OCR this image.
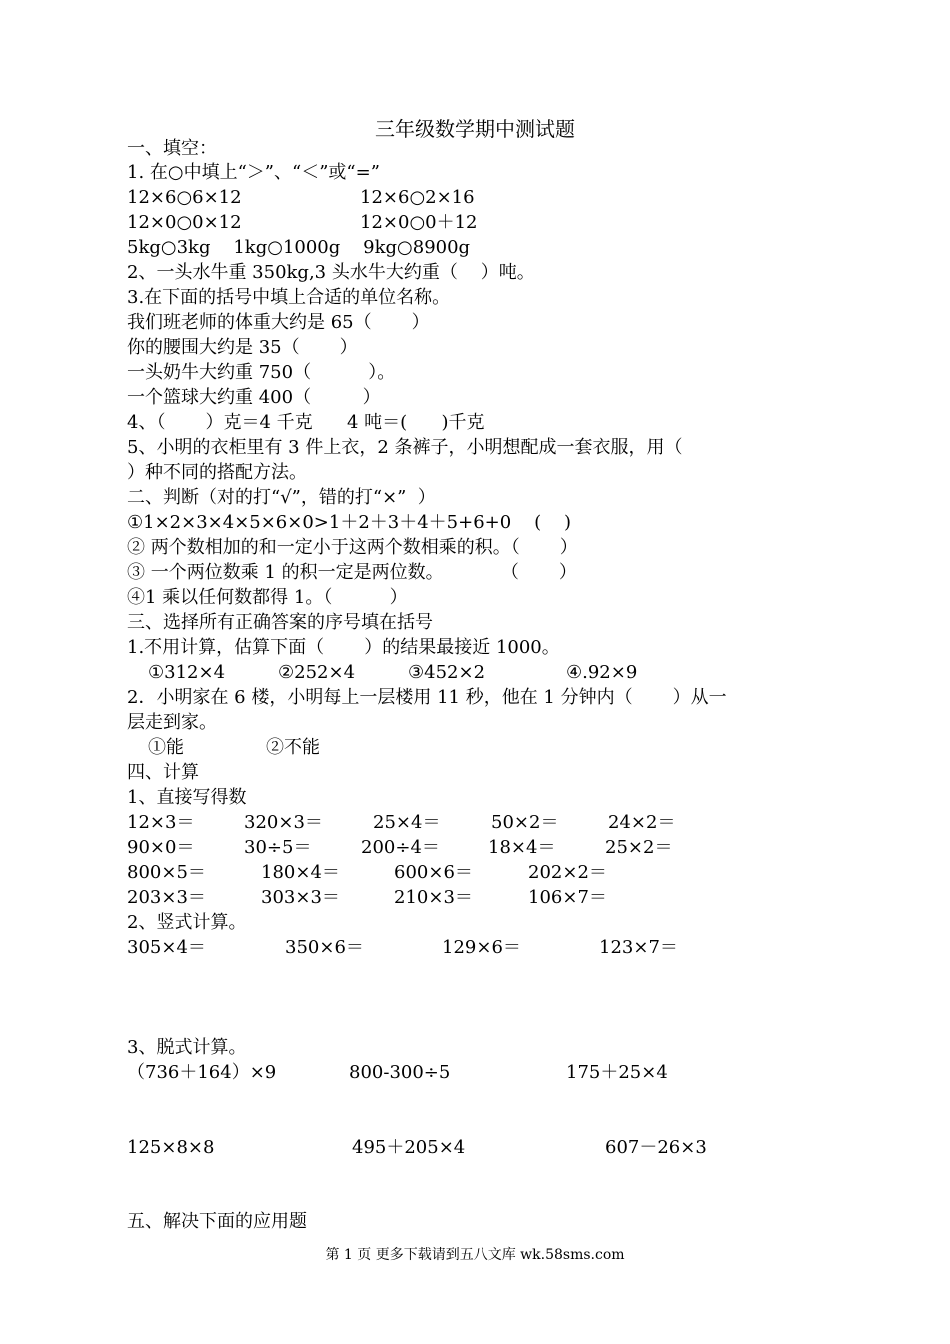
三年级数学期中测试题
一、填空：
1. 在○中填上“＞”、“＜”或“=”
12×6○6×12	12×6○2×16
12×0○0×12	12×0○0＋12
5kg○3kg    1kg○1000g    9kg○8900g
2、一头水牛重 350kg,3 头水牛大约重（    ）吨。
3.在下面的括号中填上合适的单位名称。
我们班老师的体重大约是 65（       ）
你的腰围大约是 35（       ）
一头奶牛大约重 750（          ）。
一个篮球大约重 400（         ）
4、（       ）克＝4 千克      4 吨＝(      )千克
5、小明的衣柜里有 3 件上衣，2 条裤子，小明想配成一套衣服，用（
）种不同的搭配方法。
二、判断（对的打“√”，错的打“×”  ）
①1×2×3×4×5×6×0>1＋2＋3＋4＋5+6+0    (    )
② 两个数相加的和一定小于这两个数相乘的积。（       ）
③ 一个两位数乘 1 的积一定是两位数。          （       ）
④1 乘以任何数都得 1。（          ）
三、选择所有正确答案的序号填在括号
1.不用计算，估算下面（       ）的结果最接近 1000。
①312×4	②252×4	③452×2	④.92×9
2．小明家在 6 楼，小明每上一层楼用 11 秒，他在 1 分钟内（       ）从一
层走到家。
①能	②不能
四、计算
1、直接写得数
12×3＝	320×3＝	25×4＝	50×2＝	24×2＝
90×0＝	30÷5＝	200÷4＝	18×4＝	25×2＝
800×5＝	180×4＝	600×6＝	202×2＝
203×3＝	303×3＝	210×3＝	106×7＝
2、竖式计算。
305×4＝	350×6＝	129×6＝	123×7＝
3、脱式计算。
（736＋164）×9	800-300÷5	175＋25×4
125×8×8	495＋205×4	607－26×3
五、解决下面的应用题
第 1 页 更多下载请到五八文库 wk.58sms.com
